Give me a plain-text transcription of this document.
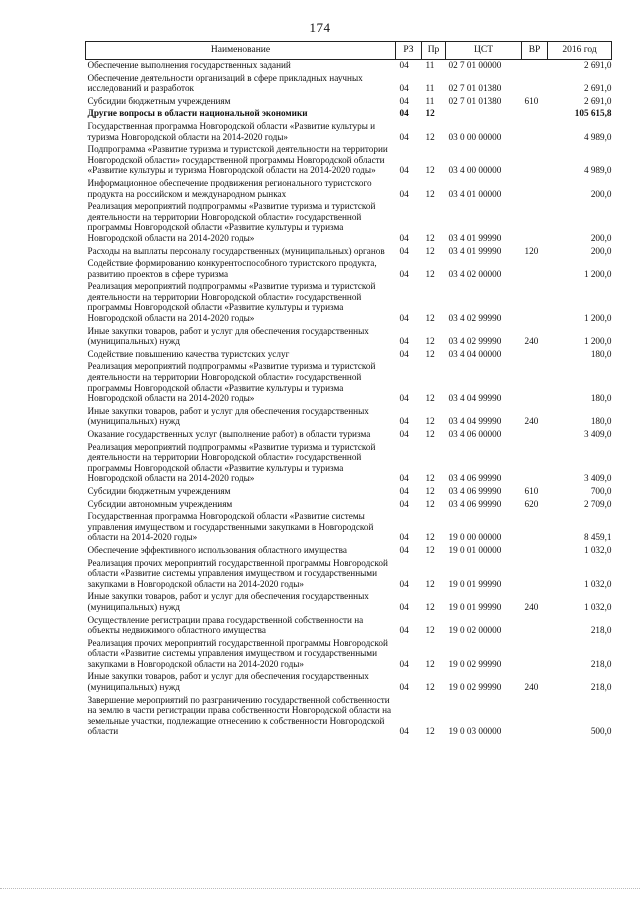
174
Наименование	РЗ	Пр	ЦСТ	ВР	2016 год
Обеспечение выполнения государственных заданий	04	11	02 7 01 00000		2 691,0
Обеспечение деятельности организаций в сфере прикладных научных исследований и разработок	04	11	02 7 01 01380		2 691,0
Субсидии бюджетным учреждениям	04	11	02 7 01 01380	610	2 691,0
Другие вопросы в области национальной экономики	04	12			105 615,8
Государственная программа Новгородской области «Развитие культуры и туризма Новгородской области на 2014-2020 годы»	04	12	03 0 00 00000		4 989,0
Подпрограмма «Развитие туризма и туристской деятельности на территории Новгородской области» государственной программы Новгородской области «Развитие культуры и туризма Новгородской области на 2014-2020 годы»	04	12	03 4 00 00000		4 989,0
Информационное обеспечение продвижения регионального туристского продукта на российском и международном рынках	04	12	03 4 01 00000		200,0
Реализация мероприятий подпрограммы «Развитие туризма и туристской деятельности на территории Новгородской области» государственной программы Новгородской области «Развитие культуры и туризма Новгородской области на 2014-2020 годы»	04	12	03 4 01 99990		200,0
Расходы на выплаты персоналу государственных (муниципальных) органов	04	12	03 4 01 99990	120	200,0
Содействие формированию конкурентоспособного туристского продукта, развитию проектов в сфере туризма	04	12	03 4 02 00000		1 200,0
Реализация мероприятий подпрограммы «Развитие туризма и туристской деятельности на территории Новгородской области» государственной программы Новгородской области «Развитие культуры и туризма Новгородской области на 2014-2020 годы»	04	12	03 4 02 99990		1 200,0
Иные закупки товаров, работ и услуг для обеспечения государственных (муниципальных) нужд	04	12	03 4 02 99990	240	1 200,0
Содействие повышению качества туристских услуг	04	12	03 4 04 00000		180,0
Реализация мероприятий подпрограммы «Развитие туризма и туристской деятельности на территории Новгородской области» государственной программы Новгородской области «Развитие культуры и туризма Новгородской области на 2014-2020 годы»	04	12	03 4 04 99990		180,0
Иные закупки товаров, работ и услуг для обеспечения государственных (муниципальных) нужд	04	12	03 4 04 99990	240	180,0
Оказание государственных услуг (выполнение работ) в области туризма	04	12	03 4 06 00000		3 409,0
Реализация мероприятий подпрограммы «Развитие туризма и туристской деятельности на территории Новгородской области» государственной программы Новгородской области «Развитие культуры и туризма Новгородской области на 2014-2020 годы»	04	12	03 4 06 99990		3 409,0
Субсидии бюджетным учреждениям	04	12	03 4 06 99990	610	700,0
Субсидии автономным учреждениям	04	12	03 4 06 99990	620	2 709,0
Государственная программа Новгородской области «Развитие системы управления имуществом и государственными закупками в Новгородской области на 2014-2020 годы»	04	12	19 0 00 00000		8 459,1
Обеспечение эффективного использования областного имущества	04	12	19 0 01 00000		1 032,0
Реализация прочих мероприятий государственной программы Новгородской области «Развитие системы управления имуществом и государственными закупками в Новгородской области на 2014-2020 годы»	04	12	19 0 01 99990		1 032,0
Иные закупки товаров, работ и услуг для обеспечения государственных (муниципальных) нужд	04	12	19 0 01 99990	240	1 032,0
Осуществление регистрации права государственной собственности на объекты недвижимого областного имущества	04	12	19 0 02 00000		218,0
Реализация прочих мероприятий государственной программы Новгородской области «Развитие системы управления имуществом и государственными закупками в Новгородской области на 2014-2020 годы»	04	12	19 0 02 99990		218,0
Иные закупки товаров, работ и услуг для обеспечения государственных (муниципальных) нужд	04	12	19 0 02 99990	240	218,0
Завершение мероприятий по разграничению государственной собственности на землю в части регистрации права собственности Новгородской области на земельные участки, подлежащие отнесению к собственности Новгородской области	04	12	19 0 03 00000		500,0
